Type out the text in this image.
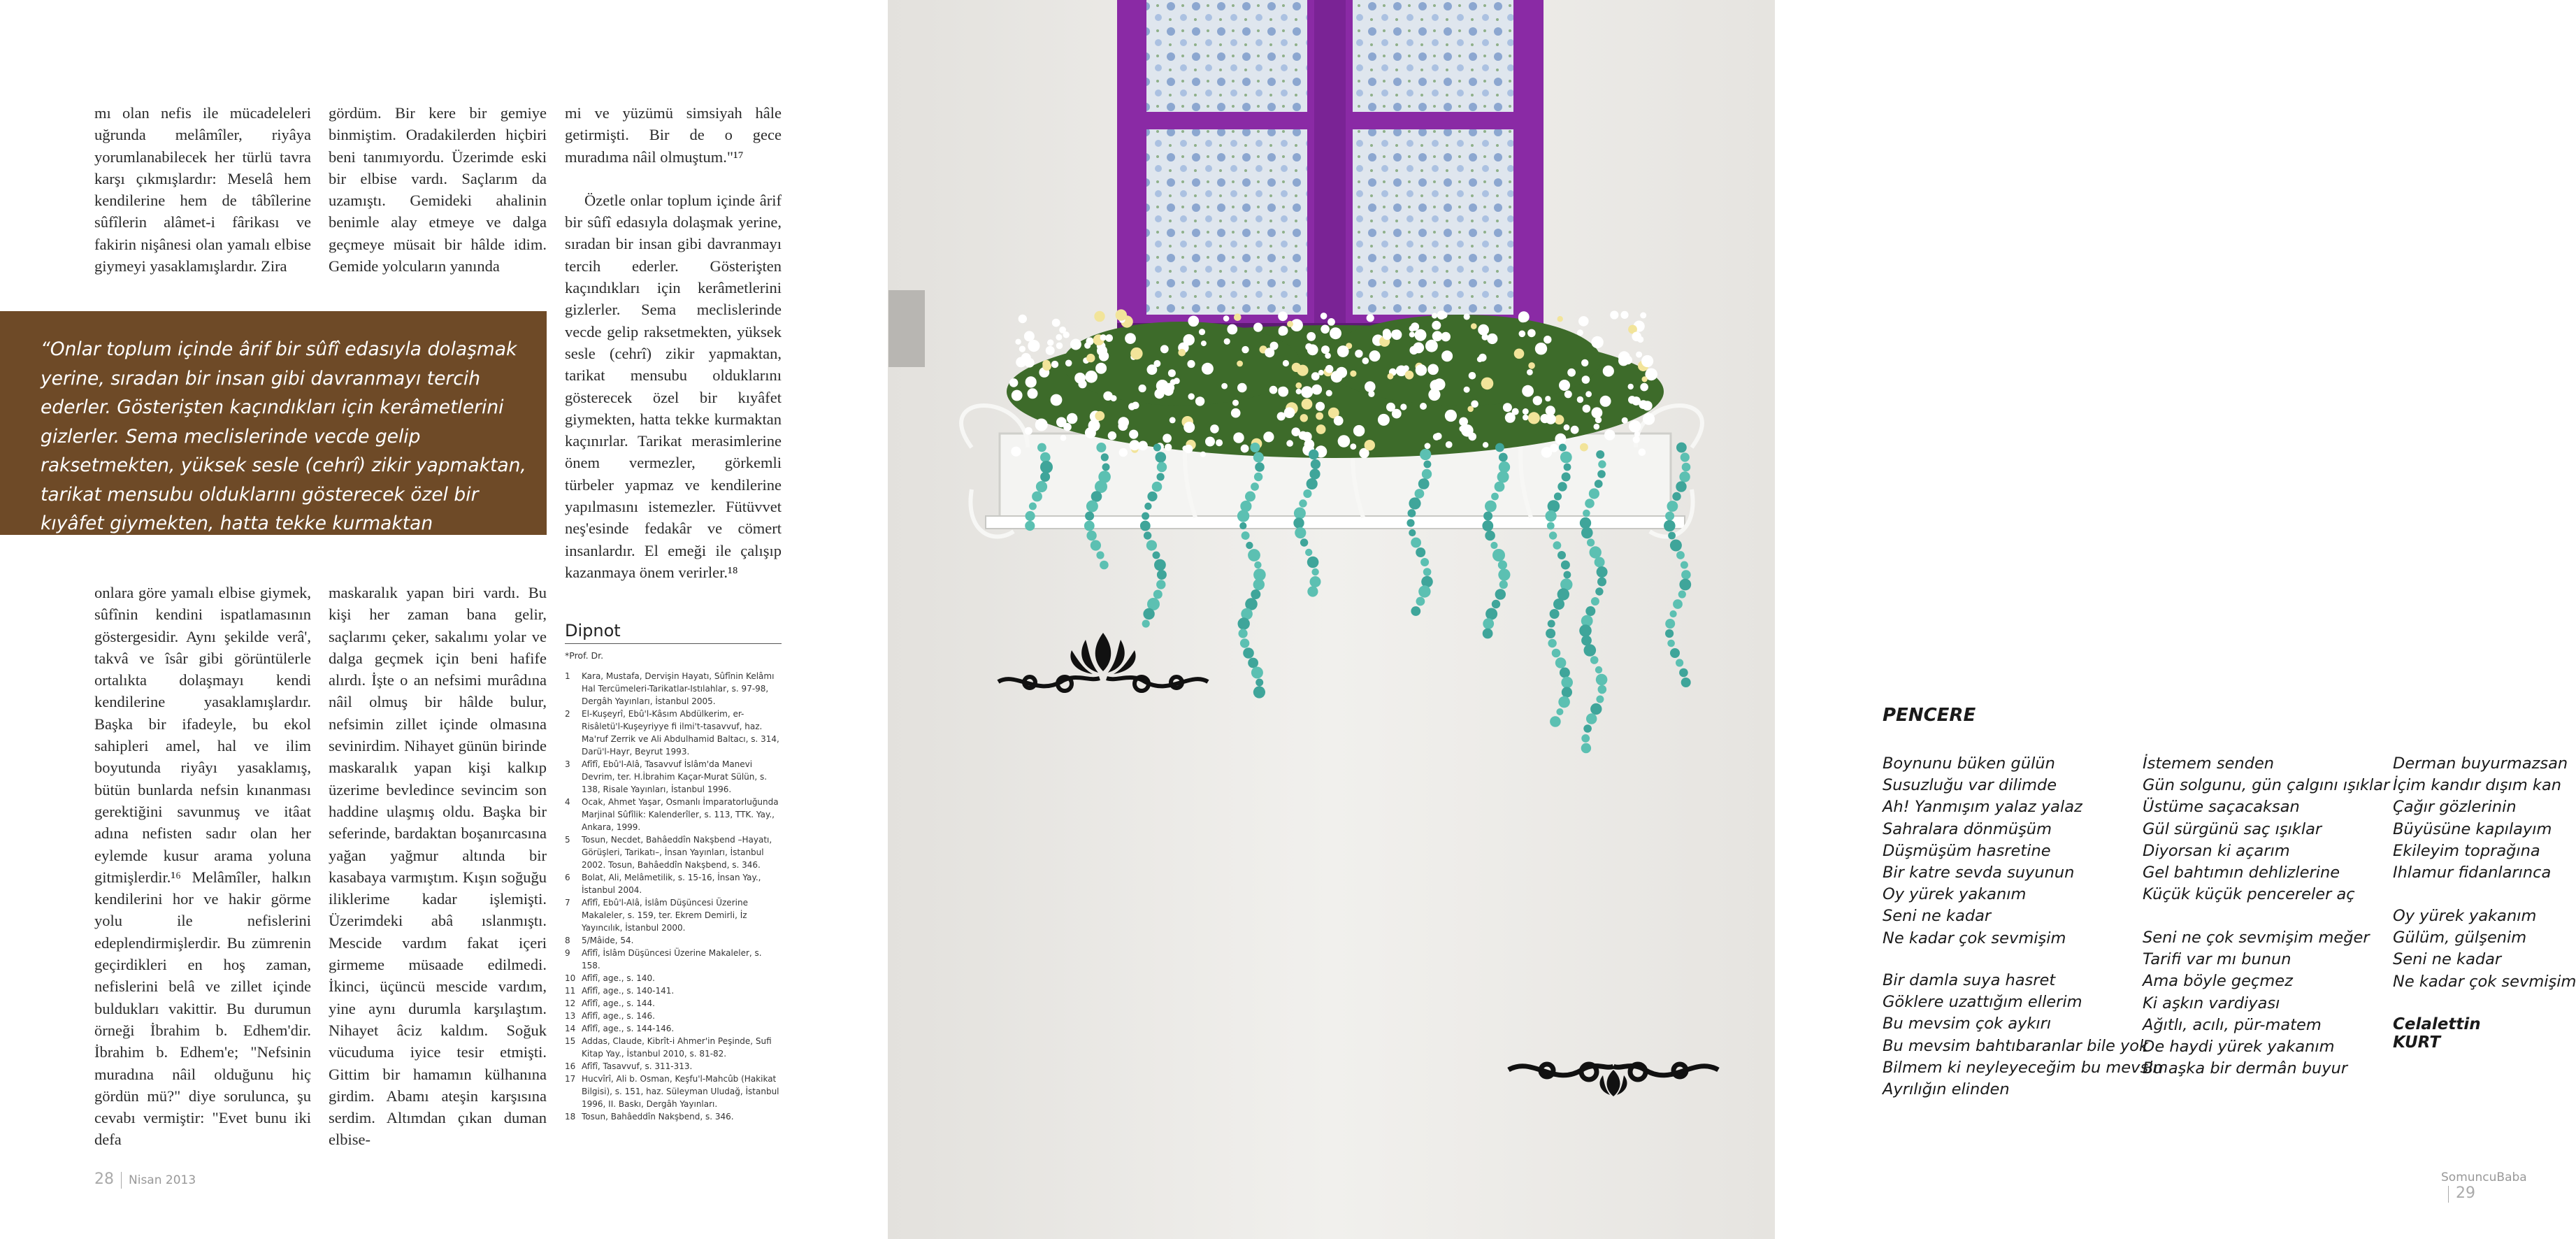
mı olan nefis ile mücadeleleri uğrunda melâmîler, riyâya yorumlanabilecek her türlü tavra karşı çıkmışlardır: Meselâ hem kendilerine hem de tâbîlerine sûfîlerin alâmet-i fârikası ve fakirin nişânesi olan yamalı elbise giymeyi yasaklamışlardır. Zira

gördüm. Bir kere bir gemiye binmiştim. Oradakilerden hiçbiri beni tanımıyordu. Üzerimde eski bir elbise vardı. Saçlarım da uzamıştı. Gemideki ahalinin benimle alay etmeye ve dalga geçmeye müsait bir hâlde idim. Gemide yolcuların yanında

mi ve yüzümü simsiyah hâle getirmişti. Bir de o gece muradıma nâil olmuştum."¹⁷

Özetle onlar toplum içinde ârif bir sûfî edasıyla dolaşmak yerine, sıradan bir insan gibi davranmayı tercih ederler. Gösterişten kaçındıkları için kerâmetlerini gizlerler. Sema meclislerinde vecde gelip raksetmekten, yüksek sesle (cehrî) zikir yapmaktan, tarikat mensubu olduklarını gösterecek özel bir kıyâfet giymekten, hatta tekke kurmaktan kaçınırlar. Tarikat merasimlerine önem vermezler, görkemli türbeler yapmaz ve kendilerine yapılmasını istemezler. Fütüvvet neş'esinde fedakâr ve cömert insanlardır. El emeği ile çalışıp kazanmaya önem verirler.¹⁸

“Onlar toplum içinde ârif bir sûfî edasıyla dolaşmak yerine, sıradan bir insan gibi davranmayı tercih ederler. Gösterişten kaçındıkları için kerâmetlerini gizlerler. Sema meclislerinde vecde gelip raksetmekten, yüksek sesle (cehrî) zikir yapmaktan, tarikat mensubu olduklarını gösterecek özel bir kıyâfet giymekten, hatta tekke kurmaktan kaçınırlar.”

onlara göre yamalı elbise giymek, sûfînin kendini ispatlamasının göstergesidir. Aynı şekilde verâ', takvâ ve îsâr gibi görüntülerle ortalıkta dolaşmayı kendi kendilerine yasaklamışlardır. Başka bir ifadeyle, bu ekol sahipleri amel, hal ve ilim boyutunda riyâyı yasaklamış, bütün bunlarda nefsin kınanması gerektiğini savunmuş ve itâat adına nefisten sadır olan her eylemde kusur arama yoluna gitmişlerdir.¹⁶ Melâmîler, halkın kendilerini hor ve hakir görme yolu ile nefislerini edeplendirmişlerdir. Bu zümrenin geçirdikleri en hoş zaman, nefislerini belâ ve zillet içinde buldukları vakittir. Bu durumun örneği İbrahim b. Edhem'dir. İbrahim b. Edhem'e; "Nefsinin muradına nâil olduğunu hiç gördün mü?" diye sorulunca, şu cevabı vermiştir: "Evet bunu iki defa

maskaralık yapan biri vardı. Bu kişi her zaman bana gelir, saçlarımı çeker, sakalımı yolar ve dalga geçmek için beni hafife alırdı. İşte o an nefsimi murâdına nâil olmuş bir hâlde bulur, nefsimin zillet içinde olmasına sevinirdim. Nihayet günün birinde maskaralık yapan kişi kalkıp üzerime bevledince sevincim son haddine ulaşmış oldu. Başka bir seferinde, bardaktan boşanırcasına yağan yağmur altında bir kasabaya varmıştım. Kışın soğuğu iliklerime kadar işlemişti. Üzerimdeki abâ ıslanmıştı. Mescide vardım fakat içeri girmeme müsaade edilmedi. İkinci, üçüncü mescide vardım, yine aynı durumla karşılaştım. Nihayet âciz kaldım. Soğuk vücuduma iyice tesir etmişti. Gittim bir hamamın külhanına girdim. Abamı ateşin karşısına serdim. Altımdan çıkan duman elbise-

Dipnot
*Prof. Dr.
1	Kara, Mustafa, Dervişin Hayatı, Sûfînin Kelâmı Hal Tercümeleri-Tarikatlar-Istılahlar, s. 97-98, Dergâh Yayınları, İstanbul 2005.
2	El-Kuşeyrî, Ebû'l-Kâsım Abdülkerim, er-Risâletü'l-Kuşeyriyye fi ilmi't-tasavvuf, haz. Ma'ruf Zerrik ve Ali Abdulhamid Baltacı, s. 314, Darü'l-Hayr, Beyrut 1993.
3	Afîfî, Ebû'l-Alâ, Tasavvuf İslâm'da Manevi Devrim, ter. H.İbrahim Kaçar-Murat Sülün, s. 138, Risale Yayınları, İstanbul 1996.
4	Ocak, Ahmet Yaşar, Osmanlı İmparatorluğunda Marjinal Sûfîlik: Kalenderîler, s. 113, TTK. Yay., Ankara, 1999.
5	Tosun, Necdet, Bahâeddîn Nakşbend –Hayatı, Görüşleri, Tarikatı–, İnsan Yayınları, İstanbul 2002. Tosun, Bahâeddîn Nakşbend, s. 346.
6	Bolat, Ali, Melâmetilik, s. 15-16, İnsan Yay., İstanbul 2004.
7	Afîfî, Ebû'l-Alâ, İslâm Düşüncesi Üzerine Makaleler, s. 159, ter. Ekrem Demirli, İz Yayıncılık, İstanbul 2000.
8	5/Mâide, 54.
9	Afîfî, İslâm Düşüncesi Üzerine Makaleler, s. 158.
10 Afîfî, age., s. 140.
11 Afîfî, age., s. 140-141.
12 Afîfî, age., s. 144.
13 Afîfî, age., s. 146.
14 Afîfî, age., s. 144-146.
15 Addas, Claude, Kibrît-i Ahmer'in Peşinde, Sufi Kitap Yay., İstanbul 2010, s. 81-82.
16 Afîfî, Tasavvuf, s. 311-313.
17 Hucvîrî, Ali b. Osman, Keşfu'l-Mahcûb (Hakikat Bilgisi), s. 151, haz. Süleyman Uludağ, İstanbul 1996, II. Baskı, Dergâh Yayınları.
18 Tosun, Bahâeddîn Nakşbend, s. 346.
28 Nisan 2013
PENCERE
Boynunu büken gülün
Susuzluğu var dilimde
Ah! Yanmışım yalaz yalaz
Sahralara dönmüşüm
Düşmüşüm hasretine
Bir katre sevda suyunun
Oy yürek yakanım
Seni ne kadar
Ne kadar çok sevmişim
Bir damla suya hasret
Göklere uzattığım ellerim
Bu mevsim çok aykırı
Bu mevsim bahtıbaranlar bile yok
Bilmem ki neyleyeceğim bu mevsim
Ayrılığın elinden
İstemem senden
Gün solgunu, gün çalgını ışıklar
Üstüme saçacaksan
Gül sürgünü saç ışıklar
Diyorsan ki açarım
Gel bahtımın dehlizlerine
Küçük küçük pencereler aç
Seni ne çok sevmişim meğer
Tarifi var mı bunun
Ama böyle geçmez
Ki aşkın vardiyası
Ağıtlı, acılı, pür-matem
De haydi yürek yakanım
Bu aşka bir dermân buyur
Derman buyurmazsan
İçim kandır dışım kan
Çağır gözlerinin
Büyüsüne kapılayım
Ekileyim toprağına
Ihlamur fidanlarınca
Oy yürek yakanım
Gülüm, gülşenim
Seni ne kadar
Ne kadar çok sevmişim
Celalettin KURT
SomuncuBaba29
